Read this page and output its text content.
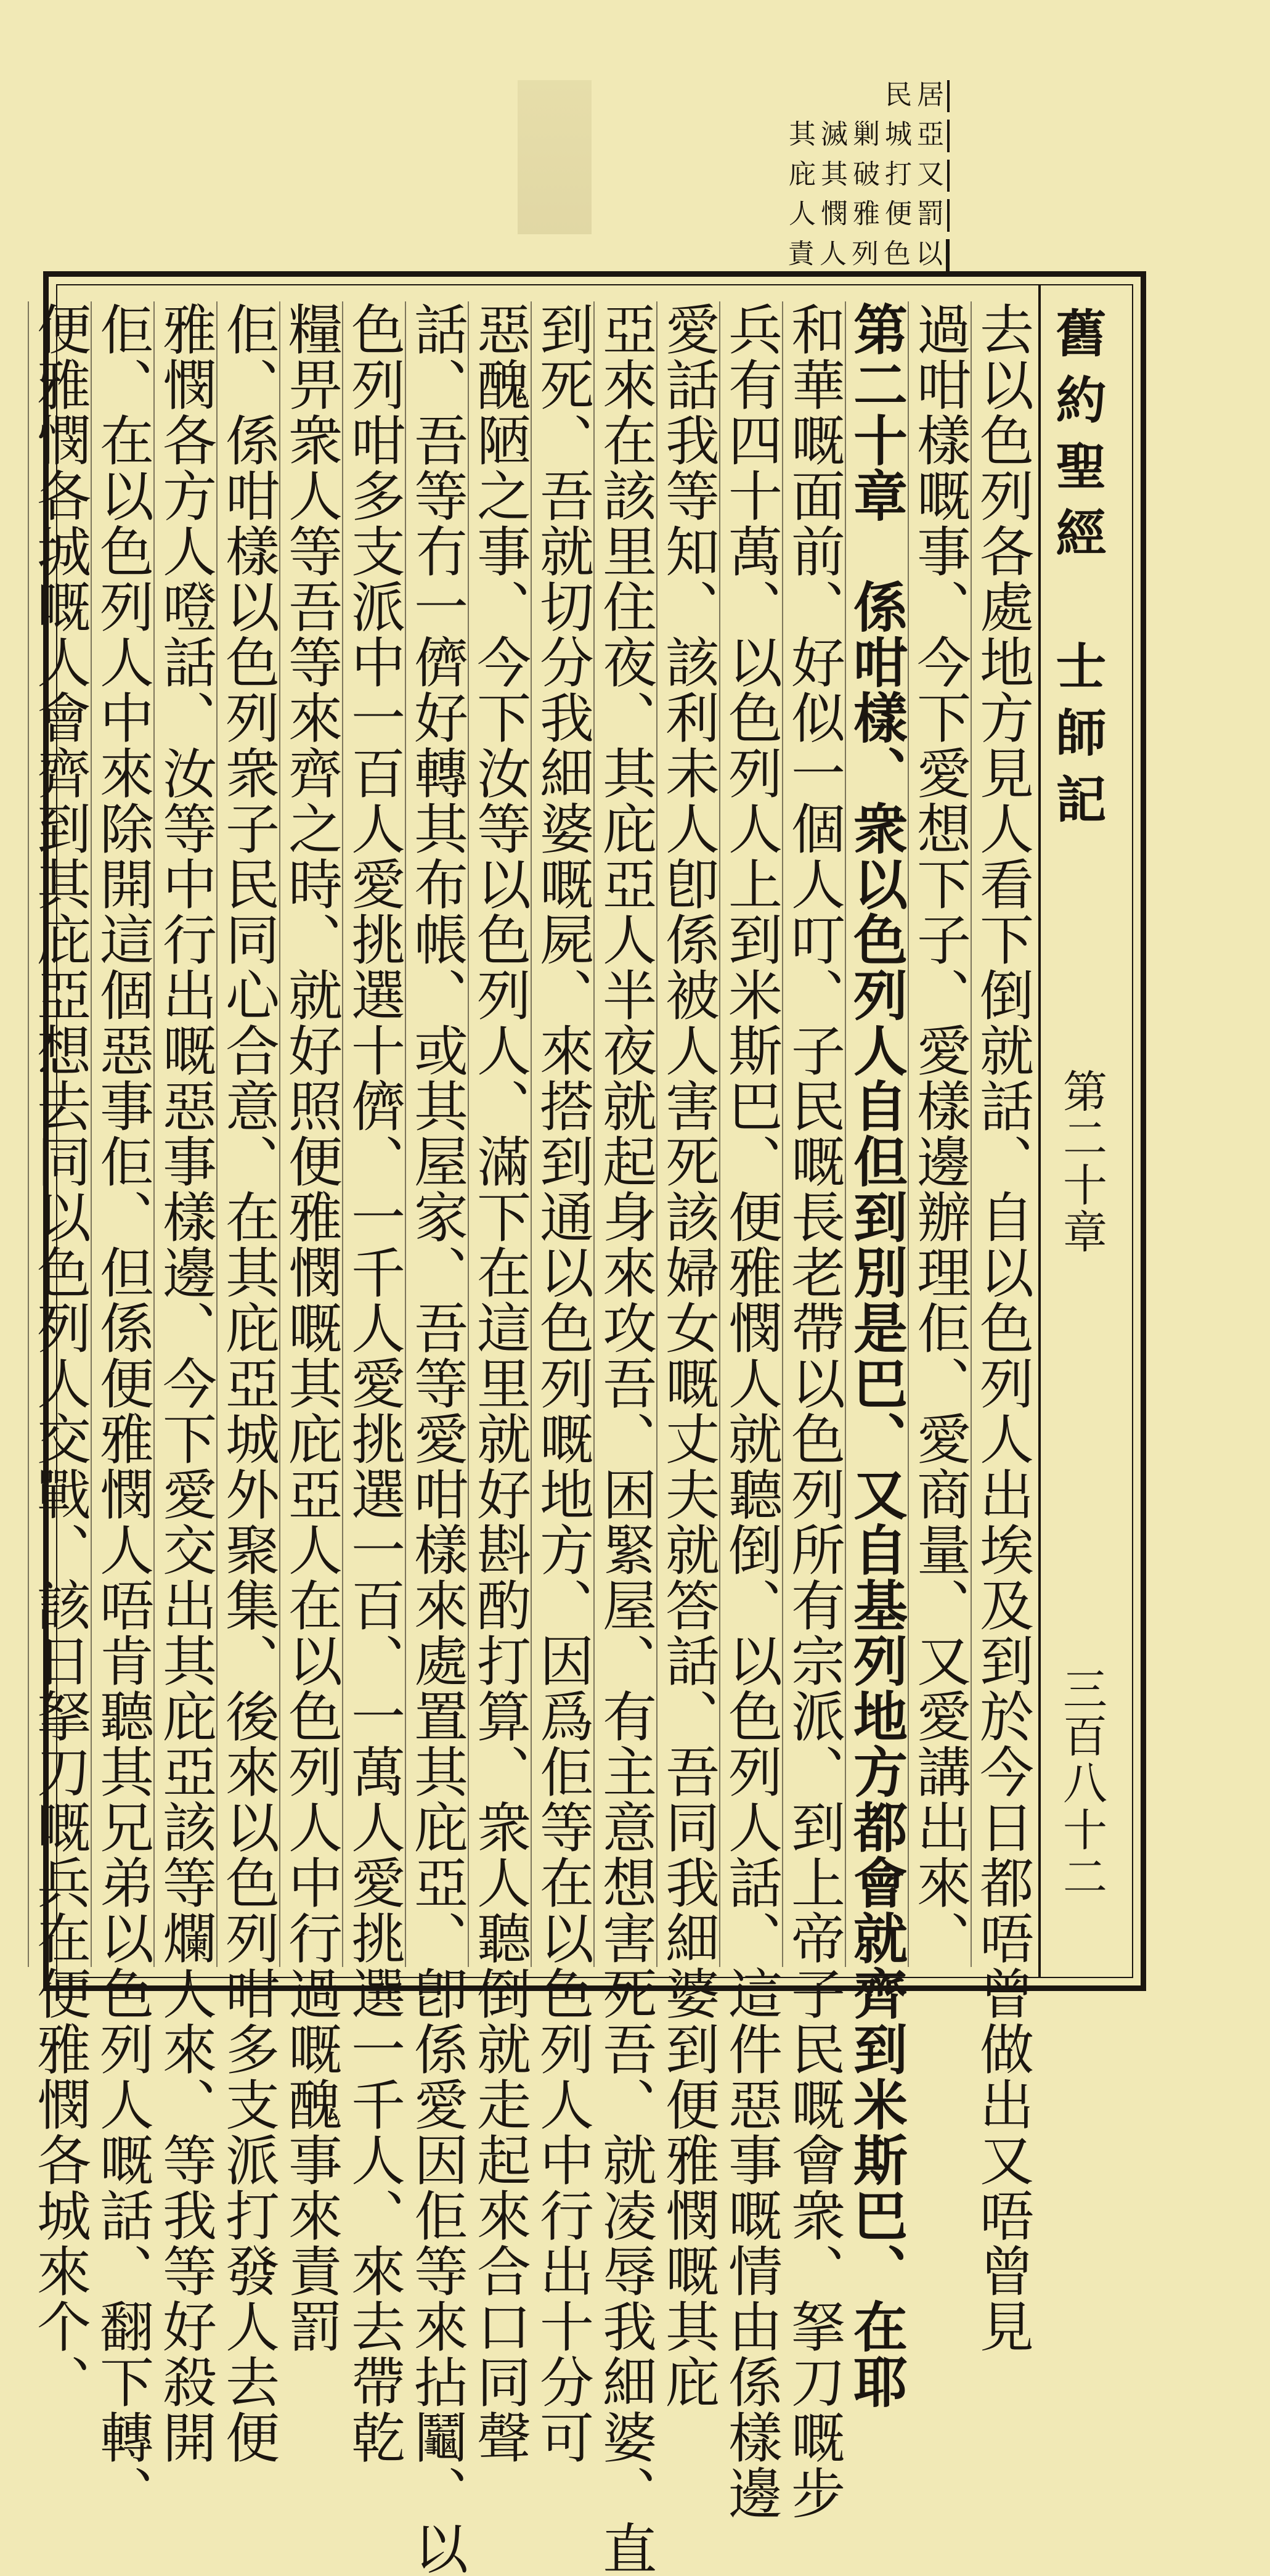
以色列人責
罰便雅憫人
又打破其庇
亞城剿滅其
居民
舊約聖經　士師記
第二十章
三百八十二
去以色列各處地方見人看下倒就話、自以色列人出埃及到於今日都唔曾做出又唔曾見
過咁樣嘅事、今下愛想下子、愛樣邊辦理佢、愛商量、又愛講出來、
第二十章　係咁樣、衆以色列人自但到別是巴、又自基列地方都會就齊到米斯巴、在耶
和華嘅面前、好似一個人叮、子民嘅長老帶以色列所有宗派、到上帝子民嘅會衆、拏刀嘅步
兵有四十萬、以色列人上到米斯巴、便雅憫人就聽倒、以色列人話、這件惡事嘅情由係樣邊
愛話我等知、該利未人卽係被人害死該婦女嘅丈夫就答話、吾同我細婆到便雅憫嘅其庇
亞來在該里住夜、其庇亞人半夜就起身來攻吾、困緊屋、有主意想害死吾、就凌辱我細婆、直
到死、吾就切分我細婆嘅屍、來搭到通以色列嘅地方、因爲佢等在以色列人中行出十分可
惡醜陋之事、今下汝等以色列人、滿下在這里就好斟酌打算、衆人聽倒就走起來合口同聲
話、吾等冇一儕好轉其布帳、或其屋家、吾等愛咁樣來處置其庇亞、卽係愛因佢等來拈鬮、以
色列咁多支派中一百人愛挑選十儕、一千人愛挑選一百、一萬人愛挑選一千人、來去帶乾
糧畀衆人等吾等來齊之時、就好照便雅憫嘅其庇亞人在以色列人中行過嘅醜事來責罰
佢、係咁樣以色列衆子民同心合意、在其庇亞城外聚集、後來以色列咁多支派打發人去便
雅憫各方人噔話、汝等中行出嘅惡事樣邊、今下愛交出其庇亞該等爛人來、等我等好殺開
佢、在以色列人中來除開這個惡事佢、但係便雅憫人唔肯聽其兄弟以色列人嘅話、翻下轉、
便雅憫各城嘅人會齊到其庇亞想去同以色列人交戰、該日拏刀嘅兵在便雅憫各城來个、
